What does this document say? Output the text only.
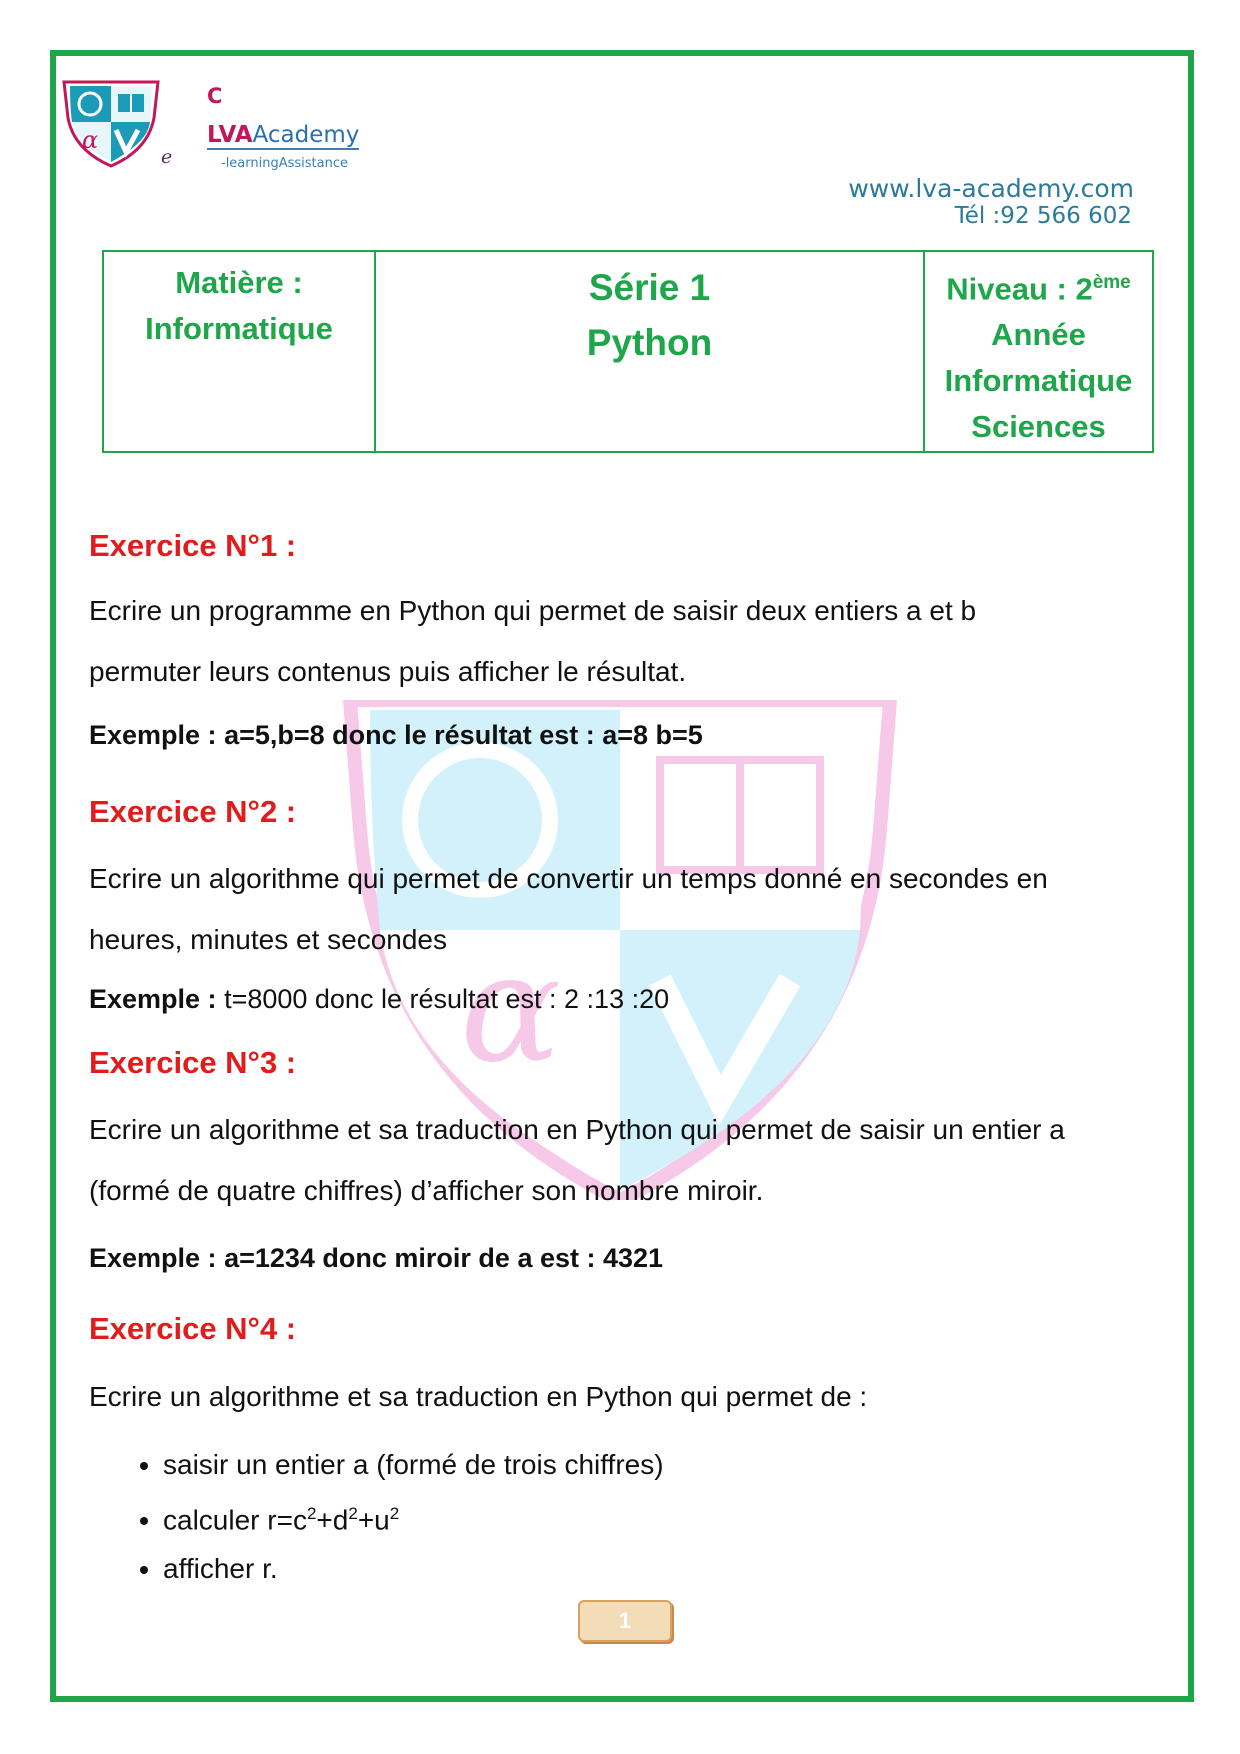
α
C
LVAAcademy
e	-learningAssistance
www.lva-academy.com
Tél :92 566 602
Matière :
Informatique

Série 1
Python

Niveau : 2ème
Année
Informatique
Sciences
α
Exercice N°1 :
Ecrire un programme en Python qui permet de saisir deux entiers a et b
permuter leurs contenus puis afficher le résultat.
Exemple : a=5,b=8 donc le résultat est : a=8 b=5
Exercice N°2 :
Ecrire un algorithme qui permet de convertir un temps donné en secondes en
heures, minutes et secondes
Exemple : t=8000 donc le résultat est : 2 :13 :20
Exercice N°3 :
Ecrire un algorithme et sa traduction en Python qui permet de saisir un entier a
(formé de quatre chiffres) d’afficher son nombre miroir.
Exemple : a=1234 donc miroir de a est : 4321
Exercice N°4 :
Ecrire un algorithme et sa traduction en Python qui permet de :
• saisir un entier a (formé de trois chiffres)
• calculer $r=c^2+d^2+u^2$
• afficher r.
1
